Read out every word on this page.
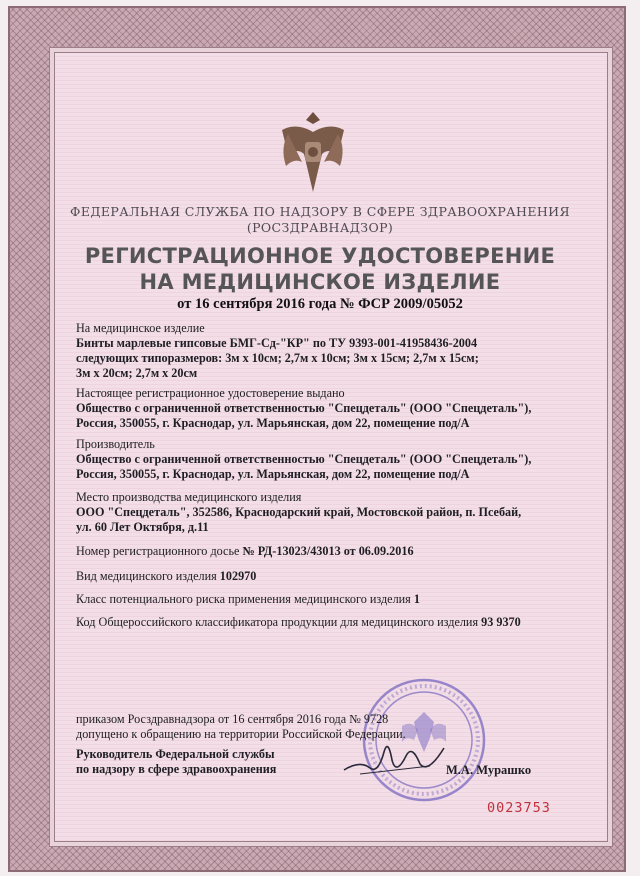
ФЕДЕРАЛЬНАЯ СЛУЖБА ПО НАДЗОРУ В СФЕРЕ ЗДРАВООХРАНЕНИЯ
(РОСЗДРАВНАДЗОР)
РЕГИСТРАЦИОННОЕ УДОСТОВЕРЕНИЕ
НА МЕДИЦИНСКОЕ ИЗДЕЛИЕ
от 16 сентября 2016 года № ФСР 2009/05052
На медицинское изделие
Бинты марлевые гипсовые БМГ-Сд-"КР" по ТУ 9393-001-41958436-2004
следующих типоразмеров: 3м х 10см; 2,7м х 10см; 3м х 15см; 2,7м х 15см;
3м х 20см; 2,7м х 20см
Настоящее регистрационное удостоверение выдано
Общество с ограниченной ответственностью "Спецдеталь" (ООО "Спецдеталь"),
Россия, 350055, г. Краснодар, ул. Марьянская, дом 22, помещение под/А
Производитель
Общество с ограниченной ответственностью "Спецдеталь" (ООО "Спецдеталь"),
Россия, 350055, г. Краснодар, ул. Марьянская, дом 22, помещение под/А
Место производства медицинского изделия
ООО "Спецдеталь", 352586, Краснодарский край, Мостовской район, п. Псебай,
ул. 60 Лет Октября, д.11
Номер регистрационного досье № РД-13023/43013 от 06.09.2016
Вид медицинского изделия 102970
Класс потенциального риска применения медицинского изделия 1
Код Общероссийского классификатора продукции для медицинского изделия 93 9370
приказом Росздравнадзора от 16 сентября 2016 года № 9728
допущено к обращению на территории Российской Федерации.
Руководитель Федеральной службы
по надзору в сфере здравоохранения	М.А. Мурашко
0023753
